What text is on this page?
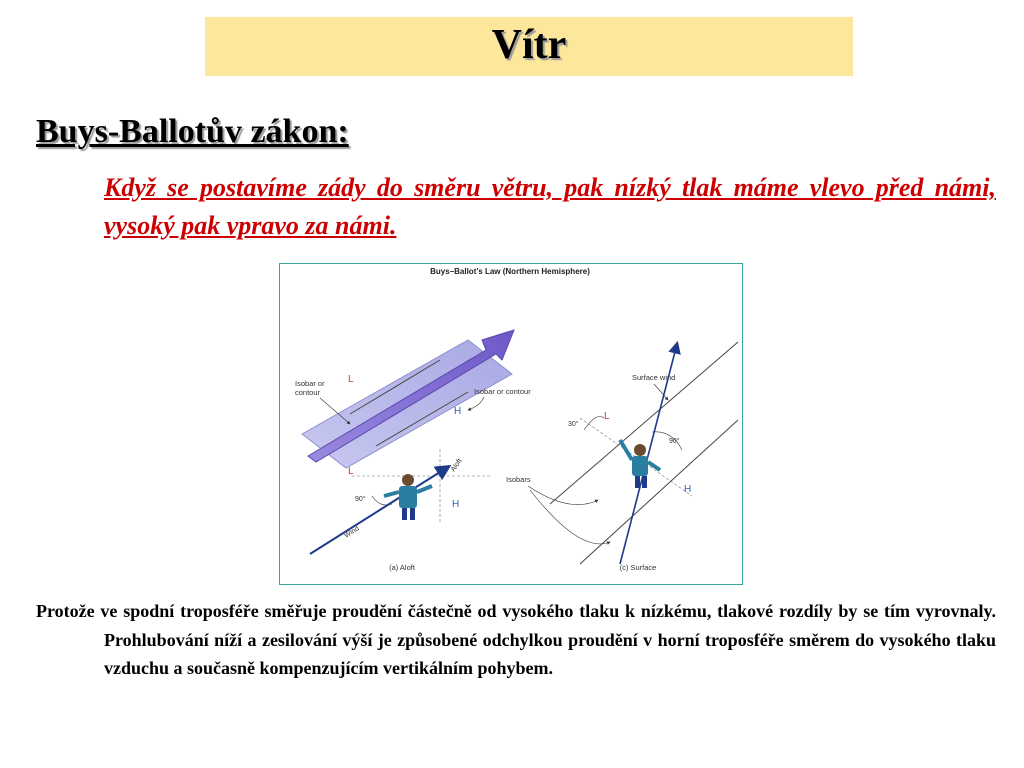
Vítr
Buys-Ballotův zákon:
Když se postavíme zády do směru větru, pak nízký tlak máme vlevo před námi, vysoký pak vpravo za námi.
Buys–Ballot’s Law (Northern Hemisphere)
Isobar or
contour	Isobar or contour
L
H
L
H
90°
Wind
Aloft
(a) Aloft
Surface wind
30°
90°
L
H
Isobars
(c) Surface
Protože ve spodní troposféře směřuje proudění částečně od vysokého tlaku k nízkému, tlakové rozdíly by se tím vyrovnaly. Prohlubování níží a zesilování výší je způsobené odchylkou proudění v horní troposféře směrem do vysokého tlaku vzduchu a současně kompenzujícím vertikálním pohybem.
